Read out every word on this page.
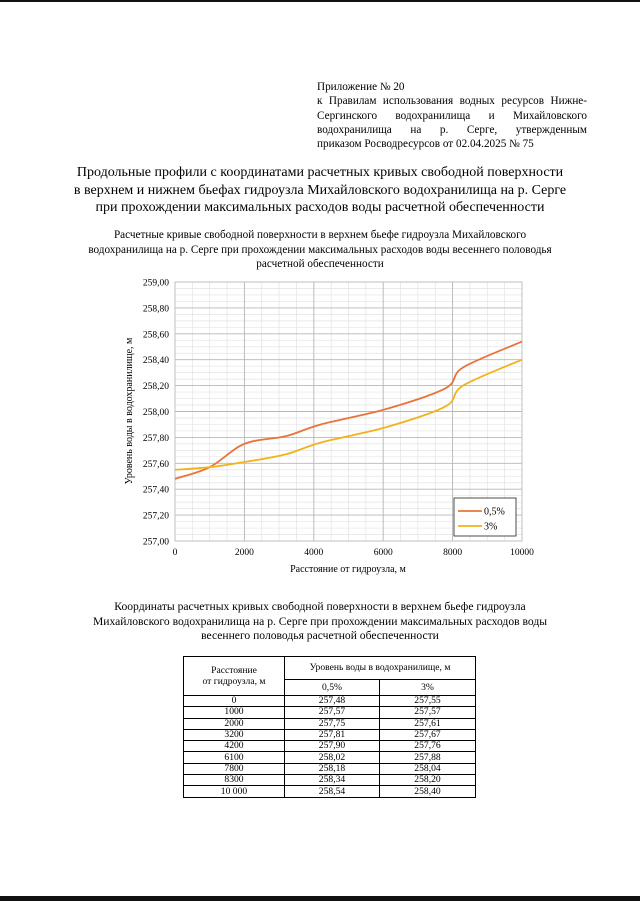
Приложение № 20
к Правилам использования водных ресурсов Нижне-
Сергинского водохранилища и Михайловского
водохранилища на р. Серге, утвержденным
приказом Росводресурсов от 02.04.2025 № 75
Продольные профили с координатами расчетных кривых свободной поверхности
в верхнем и нижнем бьефах гидроузла Михайловского водохранилища на р. Серге
при прохождении максимальных расходов воды расчетной обеспеченности
Расчетные кривые свободной поверхности в верхнем бьефе гидроузла Михайловского
водохранилища на р. Серге при прохождении максимальных расходов воды весеннего половодья
расчетной обеспеченности
257,00
257,20
257,40
257,60
257,80
258,00
258,20
258,40
258,60
258,80
259,00
0	2000	4000	6000	8000	10000
Расстояние от гидроузла, м
Уровень воды в водохранилище, м
0,5%
3%
Координаты расчетных кривых свободной поверхности в верхнем бьефе гидроузла
Михайловского водохранилища на р. Серге при прохождении максимальных расходов воды
весеннего половодья расчетной обеспеченности
Расстояние
от гидроузла, м	Уровень воды в водохранилище, м	
	0,5%	3%
0	257,48	257,55
1000	257,57	257,57
2000	257,75	257,61
3200	257,81	257,67
4200	257,90	257,76
6100	258,02	257,88
7800	258,18	258,04
8300	258,34	258,20
10 000	258,54	258,40
